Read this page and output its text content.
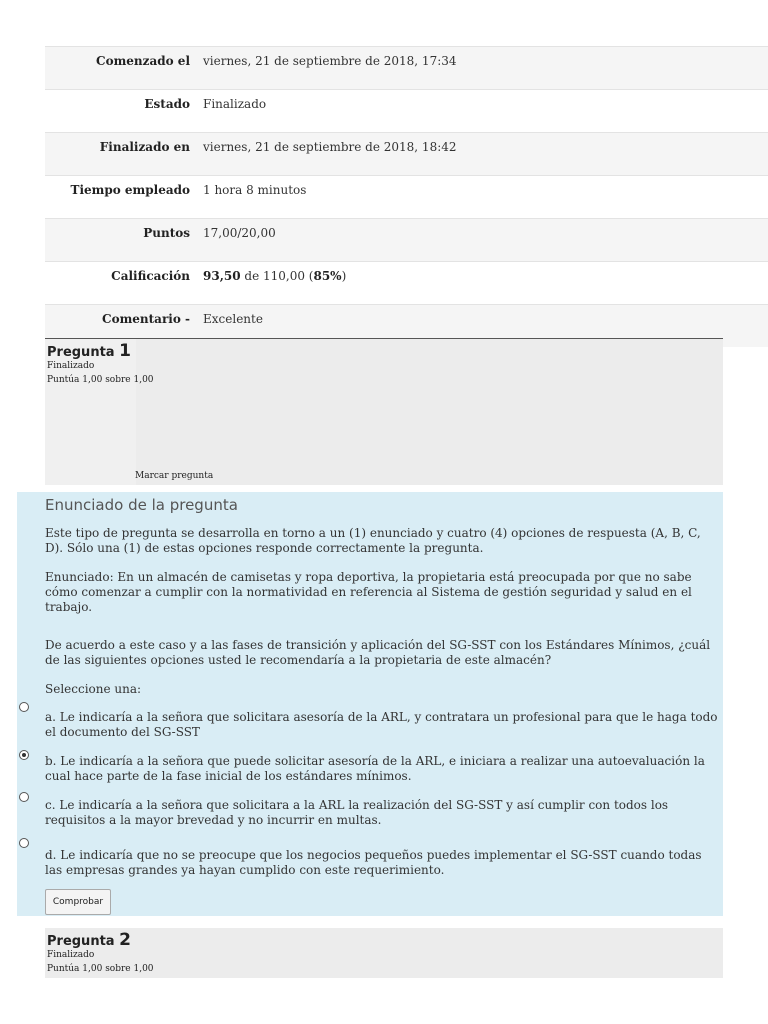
Comenzado el	viernes, 21 de septiembre de 2018, 17:34
Estado	Finalizado
Finalizado en	viernes, 21 de septiembre de 2018, 18:42
Tiempo empleado	1 hora 8 minutos
Puntos	17,00/20,00
Calificación	93,50 de 110,00 (85%)
Comentario -	Excelente
Pregunta 1
Finalizado
Puntúa 1,00 sobre 1,00
Marcar pregunta
Enunciado de la pregunta
Este tipo de pregunta se desarrolla en torno a un (1) enunciado y cuatro (4) opciones de respuesta (A, B, C, D). Sólo una (1) de estas opciones responde correctamente la pregunta.
Enunciado: En un almacén de camisetas y ropa deportiva, la propietaria está preocupada por que no sabe cómo comenzar a cumplir con la normatividad en referencia al Sistema de gestión seguridad y salud en el trabajo.
De acuerdo a este caso y a las fases de transición y aplicación del SG-SST con los Estándares Mínimos, ¿cuál de las siguientes opciones usted le recomendaría a la propietaria de este almacén?
Seleccione una:
a. Le indicaría a la señora que solicitara asesoría de la ARL, y contratara un profesional para que le haga todo el documento del SG-SST
b. Le indicaría a la señora que puede solicitar asesoría de la ARL, e iniciara a realizar una autoevaluación la cual hace parte de la fase inicial de los estándares mínimos.
c. Le indicaría a la señora que solicitara a la ARL la realización del SG-SST y así cumplir con todos los requisitos a la mayor brevedad y no incurrir en multas.
d. Le indicaría que no se preocupe que los negocios pequeños puedes implementar el SG-SST cuando todas las empresas grandes ya hayan cumplido con este requerimiento.
Comprobar
Pregunta 2
Finalizado
Puntúa 1,00 sobre 1,00
